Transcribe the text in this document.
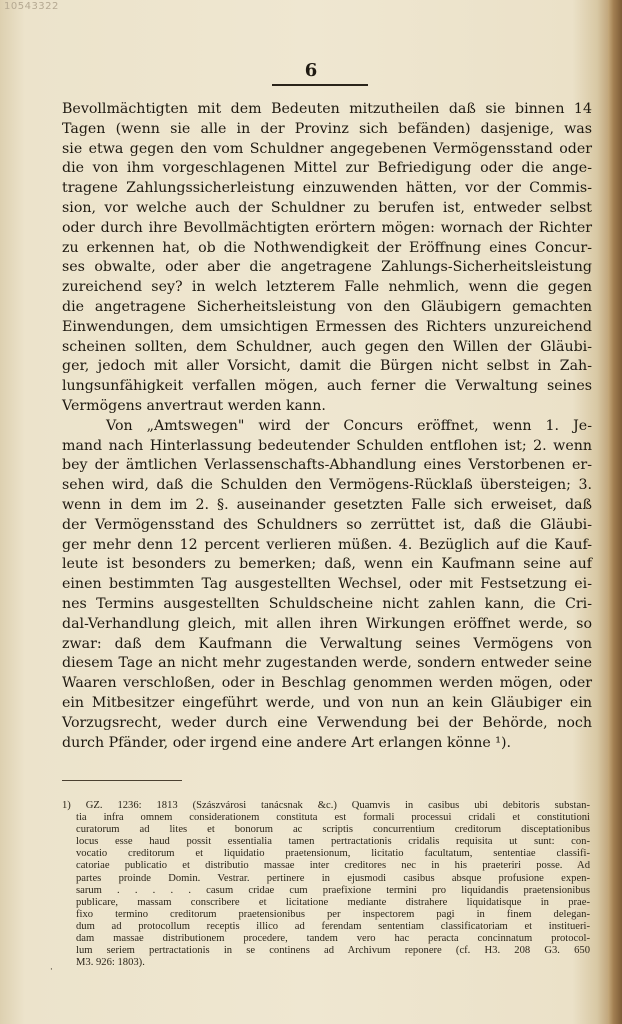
10543322
6
Bevollmächtigten mit dem Bedeuten mitzutheilen daß sie binnen 14
Tagen (wenn sie alle in der Provinz sich befänden) dasjenige, was
sie etwa gegen den vom Schuldner angegebenen Vermögensstand oder
die von ihm vorgeschlagenen Mittel zur Befriedigung oder die ange-
tragene Zahlungssicherleistung einzuwenden hätten, vor der Commis-
sion, vor welche auch der Schuldner zu berufen ist, entweder selbst
oder durch ihre Bevollmächtigten erörtern mögen: wornach der Richter
zu erkennen hat, ob die Nothwendigkeit der Eröffnung eines Concur-
ses obwalte, oder aber die angetragene Zahlungs-Sicherheitsleistung
zureichend sey? in welch letzterem Falle nehmlich, wenn die gegen
die angetragene Sicherheitsleistung von den Gläubigern gemachten
Einwendungen, dem umsichtigen Ermessen des Richters unzureichend
scheinen sollten, dem Schuldner, auch gegen den Willen der Gläubi-
ger, jedoch mit aller Vorsicht, damit die Bürgen nicht selbst in Zah-
lungsunfähigkeit verfallen mögen, auch ferner die Verwaltung seines
Vermögens anvertraut werden kann.
Von „Amtswegen" wird der Concurs eröffnet, wenn 1. Je-
mand nach Hinterlassung bedeutender Schulden entflohen ist; 2. wenn
bey der ämtlichen Verlassenschafts-Abhandlung eines Verstorbenen er-
sehen wird, daß die Schulden den Vermögens-Rücklaß übersteigen; 3.
wenn in dem im 2. §. auseinander gesetzten Falle sich erweiset, daß
der Vermögensstand des Schuldners so zerrüttet ist, daß die Gläubi-
ger mehr denn 12 percent verlieren müßen. 4. Bezüglich auf die Kauf-
leute ist besonders zu bemerken; daß, wenn ein Kaufmann seine auf
einen bestimmten Tag ausgestellten Wechsel, oder mit Festsetzung ei-
nes Termins ausgestellten Schuldscheine nicht zahlen kann, die Cri-
dal-Verhandlung gleich, mit allen ihren Wirkungen eröffnet werde, so
zwar: daß dem Kaufmann die Verwaltung seines Vermögens von
diesem Tage an nicht mehr zugestanden werde, sondern entweder seine
Waaren verschloßen, oder in Beschlag genommen werden mögen, oder
ein Mitbesitzer eingeführt werde, und von nun an kein Gläubiger ein
Vorzugsrecht, weder durch eine Verwendung bei der Behörde, noch
durch Pfänder, oder irgend eine andere Art erlangen könne ¹).
1) GZ. 1236: 1813 (Szászvárosi tanácsnak &c.) Quamvis in casibus ubi debitoris substan-
tia infra omnem considerationem constituta est formali processui cridali et constitutioni
curatorum ad lites et bonorum ac scriptis concurrentium creditorum disceptationibus
locus esse haud possit essentialia tamen pertractationis cridalis requisita ut sunt: con-
vocatio creditorum et liquidatio praetensionum, licitatio facultatum, sententiae classifi-
catoriae publicatio et distributio massae inter creditores nec in his praeteriri posse. Ad
partes proinde Domin. Vestrar. pertinere in ejusmodi casibus absque profusione expen-
sarum . . . . . casum cridae cum praefixione termini pro liquidandis praetensionibus
publicare, massam conscribere et licitatione mediante distrahere liquidatisque in prae-
fixo termino creditorum praetensionibus per inspectorem pagi in finem delegan-
dum ad protocollum receptis illico ad ferendam sententiam classificatoriam et institueri-
dam massae distributionem procedere, tandem vero hac peracta concinnatum protocol-
lum seriem pertractationis in se continens ad Archivum reponere (cf. H3. 208 G3. 650
M3. 926: 1803).
·
